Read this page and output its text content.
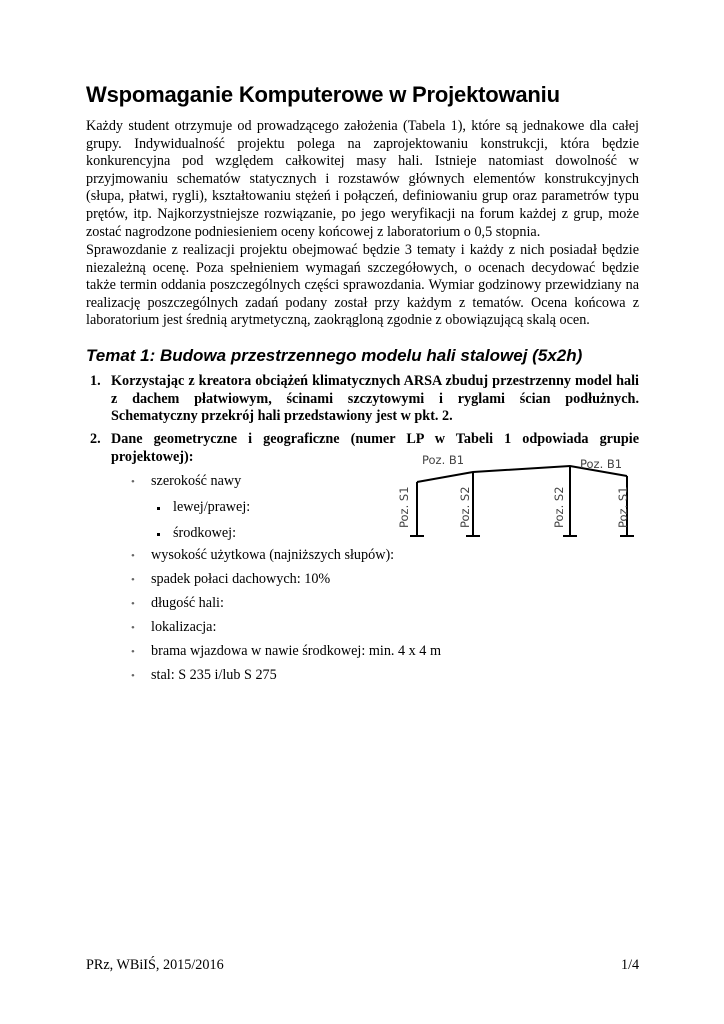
Wspomaganie Komputerowe w Projektowaniu

Każdy student otrzymuje od prowadzącego założenia (Tabela 1), które są jednakowe dla całej grupy. Indywidualność projektu polega na zaprojektowaniu konstrukcji, która będzie konkurencyjna pod względem całkowitej masy hali. Istnieje natomiast dowolność w przyjmowaniu schematów statycznych i rozstawów głównych elementów konstrukcyjnych (słupa, płatwi, rygli), kształtowaniu stężeń i połączeń, definiowaniu grup oraz parametrów typu prętów, itp. Najkorzystniejsze rozwiązanie, po jego weryfikacji na forum każdej z grup, może zostać nagrodzone podniesieniem oceny końcowej z laboratorium o 0,5 stopnia.

Sprawozdanie z realizacji projektu obejmować będzie 3 tematy i każdy z nich posiadał będzie niezależną ocenę. Poza spełnieniem wymagań szczegółowych, o ocenach decydować będzie także termin oddania poszczególnych części sprawozdania. Wymiar godzinowy przewidziany na realizację poszczególnych zadań podany został przy każdym z tematów. Ocena końcowa z laboratorium jest średnią arytmetyczną, zaokrągloną zgodnie z obowiązującą skalą ocen.

Temat 1: Budowa przestrzennego modelu hali stalowej (5x2h)
1. Korzystając z kreatora obciążeń klimatycznych ARSA zbuduj przestrzenny model hali z dachem płatwiowym, ścinami szczytowymi i ryglami ścian podłużnych. Schematyczny przekrój hali przedstawiony jest w pkt. 2.

2. Dane geometryczne i geograficzne (numer LP w Tabeli 1 odpowiada grupie projektowej):

• szerokość nawy
lewej/prawej:
środkowej:
• wysokość użytkowa (najniższych słupów):
• spadek połaci dachowych: 10%
• długość hali:
• lokalizacja:
• brama wjazdowa w nawie środkowej: min. 4 x 4 m
• stal: S 235 i/lub S 275
Poz. B1	Poz. B1
Poz. S1	Poz. S2	Poz. S2	Poz. S1
PRz, WBiIŚ, 2015/2016	1/4
